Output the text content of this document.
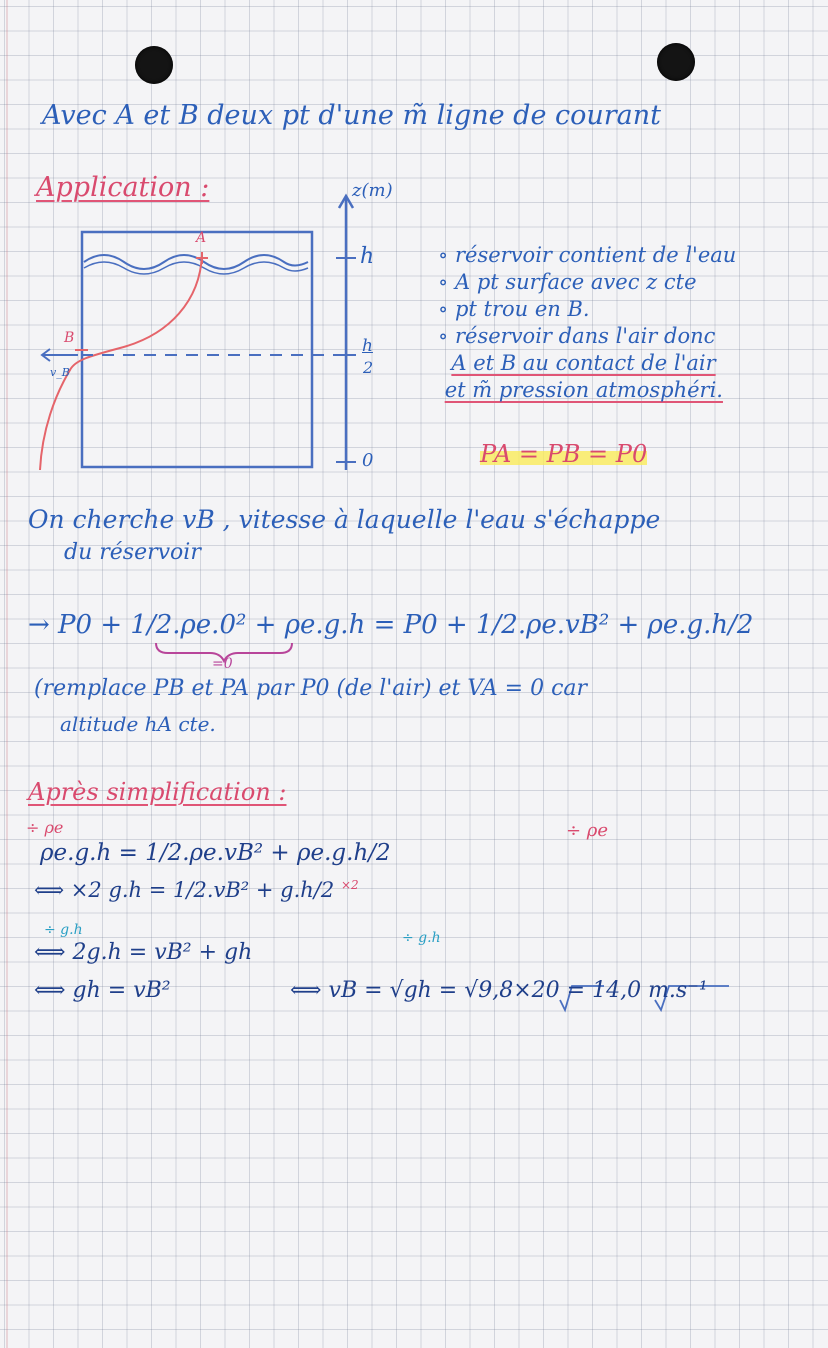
Avec A et B deux pt d'une m̃ ligne de courant
Application :	z(m)
h
h
2
0
A
B
v_B
∘ réservoir contient de l'eau
∘ A pt surface avec z cte
∘ pt trou en B.
∘ réservoir dans l'air donc
A et B au contact de l'air
et m̃ pression atmosphéri.
PA = PB = P0
On cherche vB , vitesse à laquelle l'eau s'échappe
du réservoir
→ P0 + 1/2.ρe.0² + ρe.g.h = P0 + 1/2.ρe.vB² + ρe.g.h/2
=0
(remplace PB et PA par P0 (de l'air) et VA = 0 car
altitude hA cte.
Après simplification :
÷ ρe	÷ ρe
ρe.g.h = 1/2.ρe.vB² + ρe.g.h/2
⟺ ×2 g.h = 1/2.vB² + g.h/2 $^{\times 2}$
÷ g.h	÷ g.h
⟺ 2g.h = vB² + gh
⟺ gh = vB²	⟺ vB = √gh = √9,8×20 = 14,0 m.s⁻¹
